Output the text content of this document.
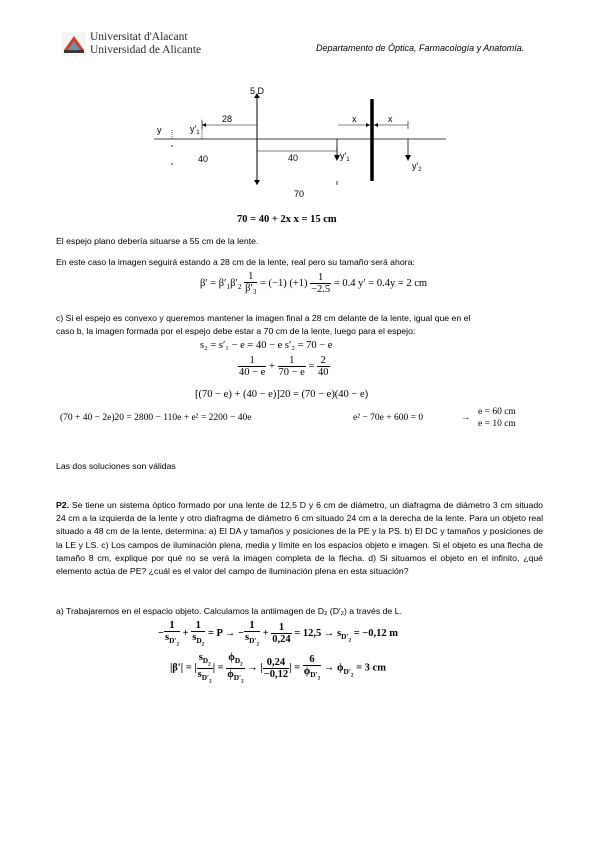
Universitat d'Alacant
Universidad de Alicante	Departamento de Óptica, Farmacología y Anatomía.
5 D
y	$y'_1$
28
40	40	$y'_1$
x	x
$y'_2$
70
70 = 40 + 2x x = 15 cm
El espejo plano debería situarse a 55 cm de la lente.
En este caso la imagen seguirá estando a 28 cm de la lente, real pero su tamaño será ahora:
$\beta' = \beta'_1\beta'_2 \frac{1}{\beta'_3} = (-1)$ $(+1) \frac{1}{-2.5} = 0.4$ y′ = 0.4y = 2 cm
c) Si el espejo es convexo y queremos mantener la imagen final a 28 cm delante de la lente, igual que en el
caso b, la imagen formada por el espejo debe estar a 70 cm de la lente, luego para el espejo:
s₂ = s′₁ − e = 40 − e s′₂ = 70 − e
$\frac{1}{40 - e} + \frac{1}{70 - e} = \frac{2}{40}$
[(70 − e) + (40 − e)]20 = (70 − e)(40 − e)
(70 + 40 − 2e)20 = 2800 − 110e + e² = 2200 − 40e	e² − 70e + 600 = 0	→
e = 60 cm
e = 10 cm
Las dos soluciones son válidas
P2. Se tiene un sistema óptico formado por una lente de 12,5 D y 6 cm de diámetro, un diafragma de diámetro 3 cm situado 24 cm a la izquierda de la lente y otro diafragma de diámetro 6 cm situado 24 cm a la derecha de la lente. Para un objeto real situado a 48 cm de la lente, determina: a) El DA y tamaños y posiciones de la PE y la PS. b) El DC y tamaños y posiciones de la LE y LS. c) Los campos de iluminación plena, media y límite en los espacios objeto e imagen. Si el objeto es una flecha de tamaño 8 cm, explique por qué no se verá la imagen completa de la flecha. d) Si situamos el objeto en el infinito, ¿qué elemento actúa de PE? ¿cuál es el valor del campo de iluminación plena en esta situación?
a) Trabajaremos en el espacio objeto. Calculamos la antiimagen de D₂ (D′₂) a través de L.
− $\frac{1}{s_{D'_2}} + \frac{1}{s_{D_2}} = P$ → − $\frac{1}{s_{D'_2}} + \frac{1}{0,24} = 12,5 \to s_{D'_2} = -0,12$ m
|β′| = | $\frac{s_{D_2}}{s_{D'_2}}$ | = $\frac{\phi_{D_2}}{\phi_{D'_2}}$ → | $\frac{0,24}{-0,12}$ | = $\frac{6}{\phi_{D'_2}} \to \phi_{D'_2} = 3$ cm
